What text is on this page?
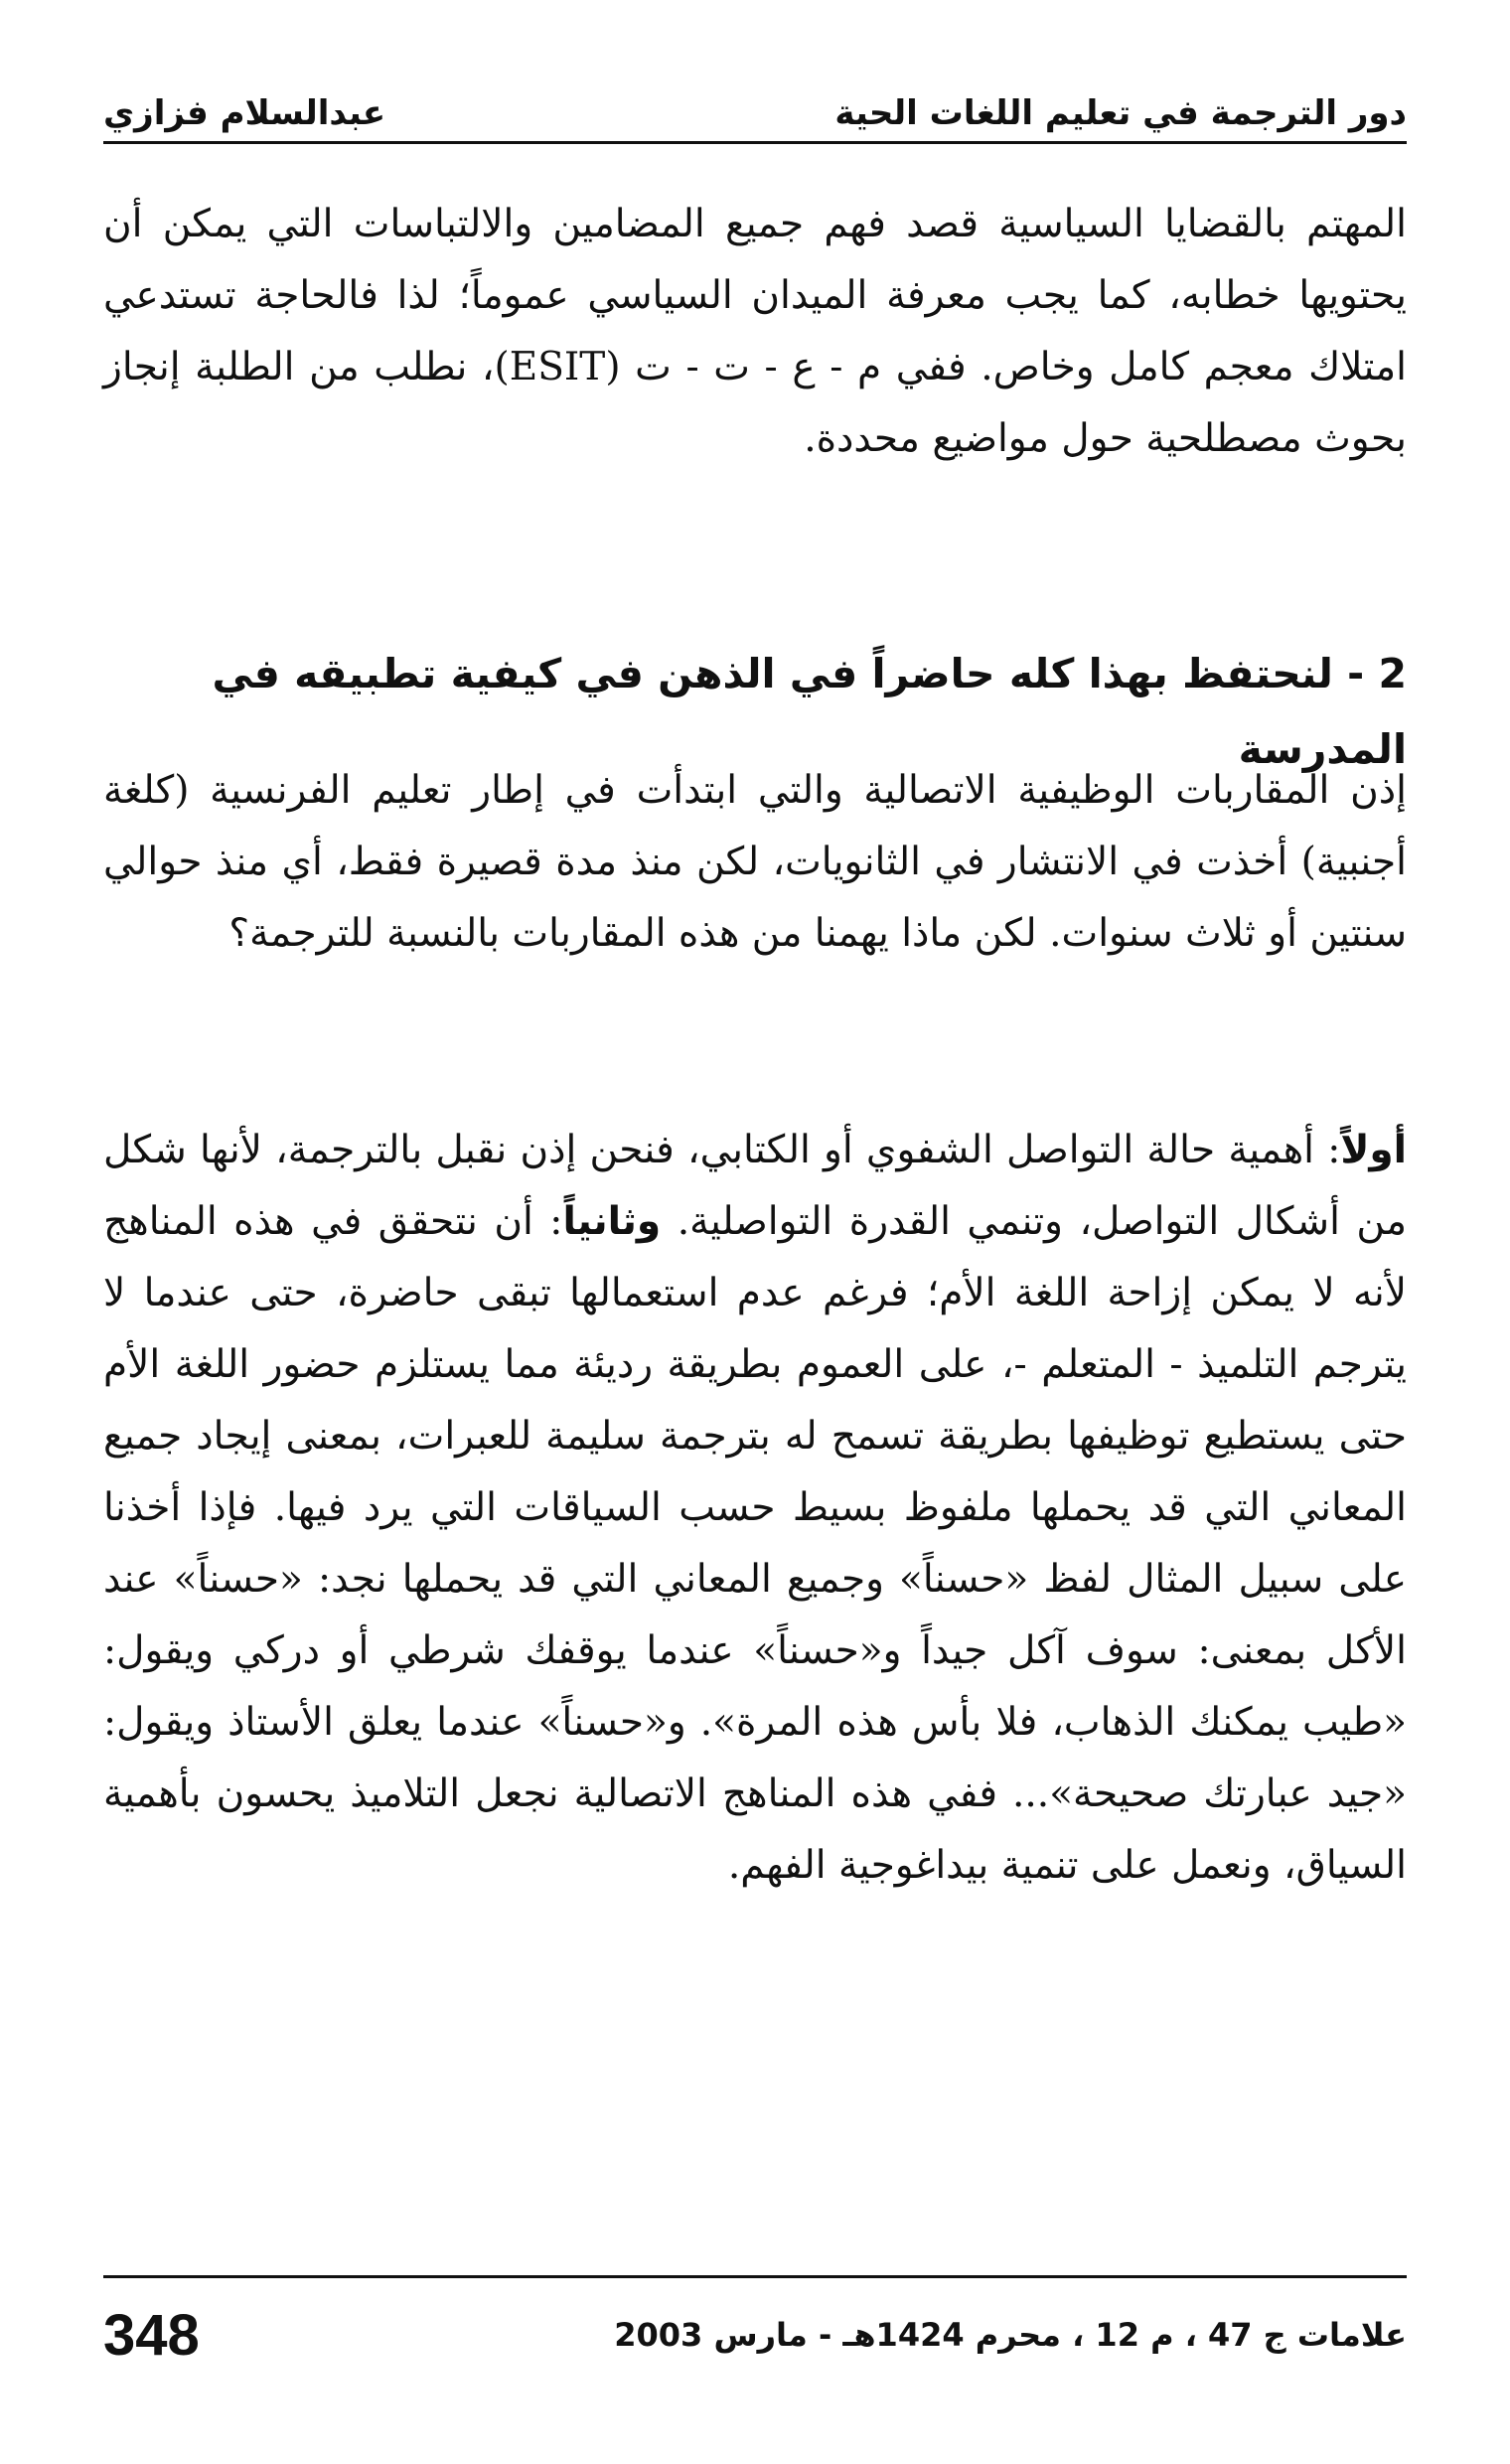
دور الترجمة في تعليم اللغات الحية
عبدالسلام فزازي

المهتم بالقضايا السياسية قصد فهم جميع المضامين والالتباسات التي يمكن أن يحتويها خطابه، كما يجب معرفة الميدان السياسي عموماً؛ لذا فالحاجة تستدعي امتلاك معجم كامل وخاص. ففي م - ع - ت - ت (ESIT)، نطلب من الطلبة إنجاز بحوث مصطلحية حول مواضيع محددة.

2 - لنحتفظ بهذا كله حاضراً في الذهن في كيفية تطبيقه في المدرسة

إذن المقاربات الوظيفية الاتصالية والتي ابتدأت في إطار تعليم الفرنسية (كلغة أجنبية) أخذت في الانتشار في الثانويات، لكن منذ مدة قصيرة فقط، أي منذ حوالي سنتين أو ثلاث سنوات. لكن ماذا يهمنا من هذه المقاربات بالنسبة للترجمة؟

أولاً: أهمية حالة التواصل الشفوي أو الكتابي، فنحن إذن نقبل بالترجمة، لأنها شكل من أشكال التواصل، وتنمي القدرة التواصلية. وثانياً: أن نتحقق في هذه المناهج لأنه لا يمكن إزاحة اللغة الأم؛ فرغم عدم استعمالها تبقى حاضرة، حتى عندما لا يترجم التلميذ - المتعلم -، على العموم بطريقة رديئة مما يستلزم حضور اللغة الأم حتى يستطيع توظيفها بطريقة تسمح له بترجمة سليمة للعبرات، بمعنى إيجاد جميع المعاني التي قد يحملها ملفوظ بسيط حسب السياقات التي يرد فيها. فإذا أخذنا على سبيل المثال لفظ «حسناً» وجميع المعاني التي قد يحملها نجد: «حسناً» عند الأكل بمعنى: سوف آكل جيداً و«حسناً» عندما يوقفك شرطي أو دركي ويقول: «طيب يمكنك الذهاب، فلا بأس هذه المرة». و«حسناً» عندما يعلق الأستاذ ويقول: «جيد عبارتك صحيحة»... ففي هذه المناهج الاتصالية نجعل التلاميذ يحسون بأهمية السياق، ونعمل على تنمية بيداغوجية الفهم.

علامات ج 47 ، م 12 ، محرم 1424هـ - مارس 2003
348
